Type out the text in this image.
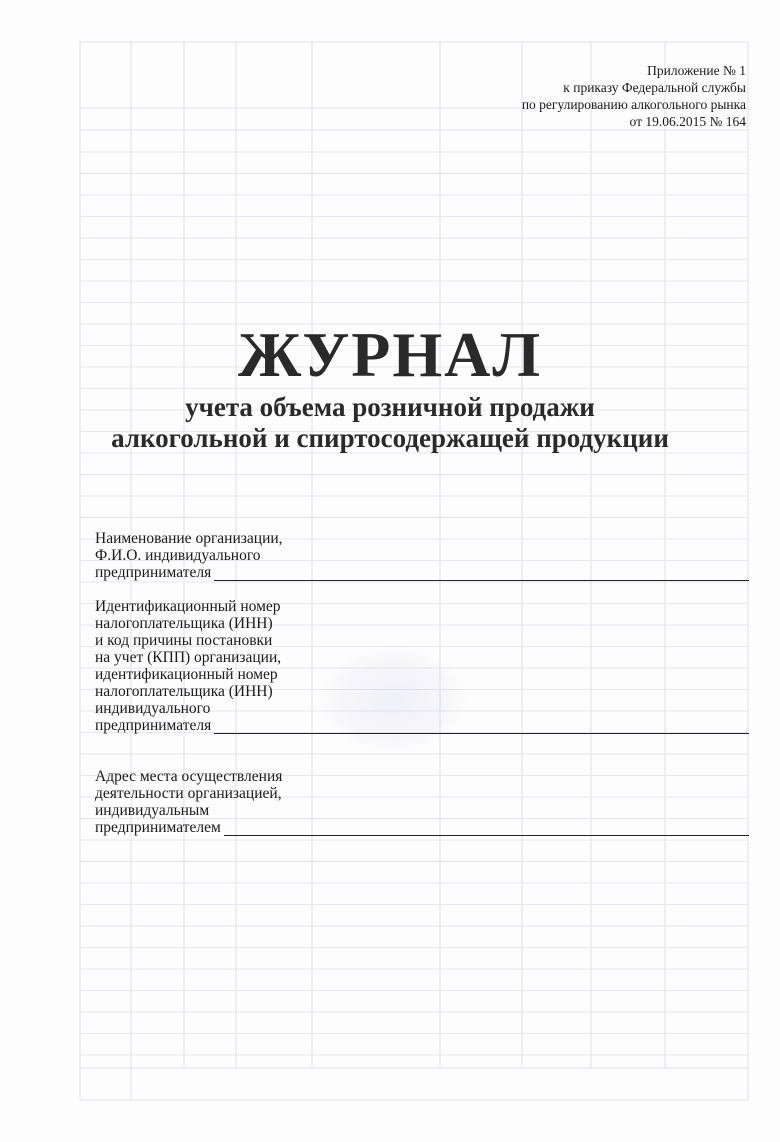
Приложение № 1
к приказу Федеральной службы
по регулированию алкогольного рынка
от 19.06.2015 № 164
ЖУРНАЛ
учета объема розничной продажи
алкогольной и спиртосодержащей продукции
Наименование организации,
Ф.И.О. индивидуального
предпринимателя
Идентификационный номер
налогоплательщика (ИНН)
и код причины постановки
на учет (КПП) организации,
идентификационный номер
налогоплательщика (ИНН)
индивидуального
предпринимателя
Адрес места осуществления
деятельности организацией,
индивидуальным
предпринимателем
